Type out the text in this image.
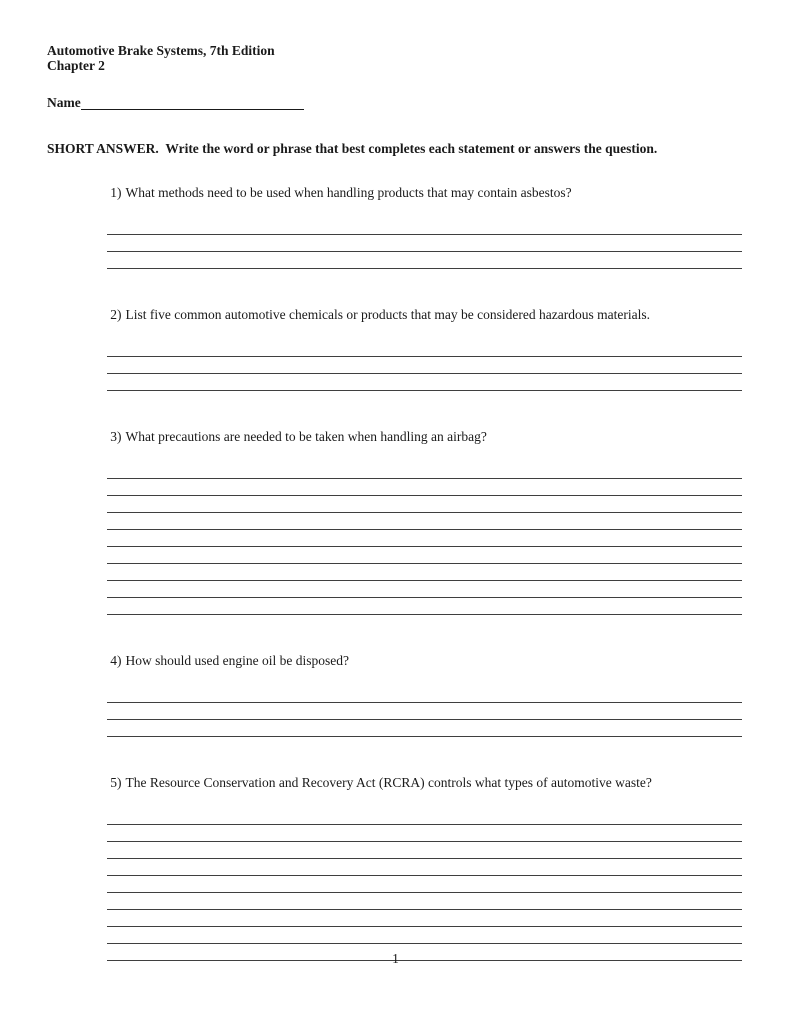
Automotive Brake Systems, 7th Edition
Chapter 2
Name
SHORT ANSWER.  Write the word or phrase that best completes each statement or answers the question.

1) What methods need to be used when handling products that may contain asbestos?

2) List five common automotive chemicals or products that may be considered hazardous materials.

3) What precautions are needed to be taken when handling an airbag?

4) How should used engine oil be disposed?

5) The Resource Conservation and Recovery Act (RCRA) controls what types of automotive waste?

1
